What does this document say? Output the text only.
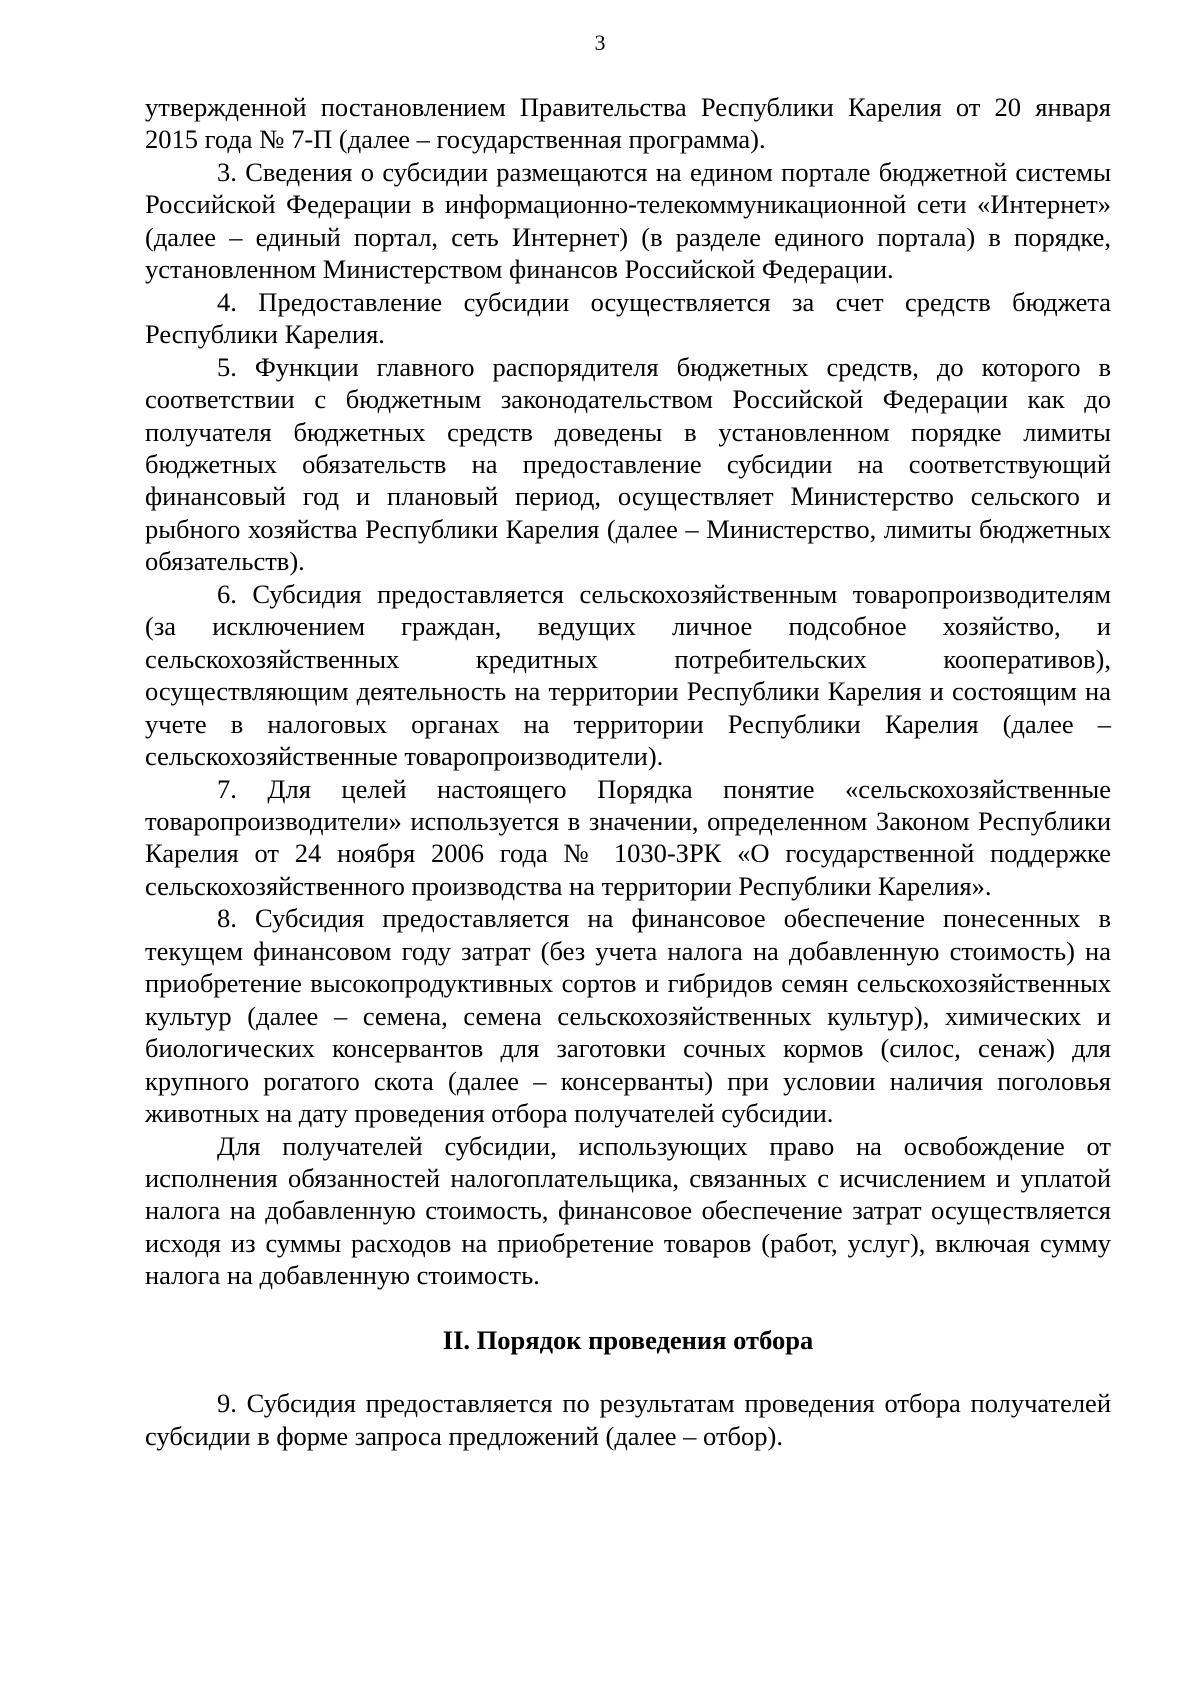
3

утвержденной постановлением Правительства Республики Карелия от 20 января 2015 года № 7-П (далее – государственная программа).

3. Сведения о субсидии размещаются на едином портале бюджетной системы Российской Федерации в информационно-телекоммуникационной сети «Интернет» (далее – единый портал, сеть Интернет) (в разделе единого портала) в порядке, установленном Министерством финансов Российской Федерации.

4. Предоставление субсидии осуществляется за счет средств бюджета Республики Карелия.

5. Функции главного распорядителя бюджетных средств, до которого в соответствии с бюджетным законодательством Российской Федерации как до получателя бюджетных средств доведены в установленном порядке лимиты бюджетных обязательств на предоставление субсидии на соответствующий финансовый год и плановый период, осуществляет Министерство сельского и рыбного хозяйства Республики Карелия (далее – Министерство, лимиты бюджетных обязательств).

6. Субсидия предоставляется сельскохозяйственным товаропроизводителям (за исключением граждан, ведущих личное подсобное хозяйство, и сельскохозяйственных кредитных потребительских кооперативов), осуществляющим деятельность на территории Республики Карелия и состоящим на учете в налоговых органах на территории Республики Карелия (далее – сельскохозяйственные товаропроизводители).

7. Для целей настоящего Порядка понятие «сельскохозяйственные товаропроизводители» используется в значении, определенном Законом Республики Карелия от 24 ноября 2006 года № 1030-ЗРК «О государственной поддержке сельскохозяйственного производства на территории Республики Карелия».

8. Субсидия предоставляется на финансовое обеспечение понесенных в текущем финансовом году затрат (без учета налога на добавленную стоимость) на приобретение высокопродуктивных сортов и гибридов семян сельскохозяйственных культур (далее – семена, семена сельскохозяйственных культур), химических и биологических консервантов для заготовки сочных кормов (силос, сенаж) для крупного рогатого скота (далее – консерванты) при условии наличия поголовья животных на дату проведения отбора получателей субсидии.

Для получателей субсидии, использующих право на освобождение от исполнения обязанностей налогоплательщика, связанных с исчислением и уплатой налога на добавленную стоимость, финансовое обеспечение затрат осуществляется исходя из суммы расходов на приобретение товаров (работ, услуг), включая сумму налога на добавленную стоимость.

II. Порядок проведения отбора

9. Субсидия предоставляется по результатам проведения отбора получателей субсидии в форме запроса предложений (далее – отбор).
